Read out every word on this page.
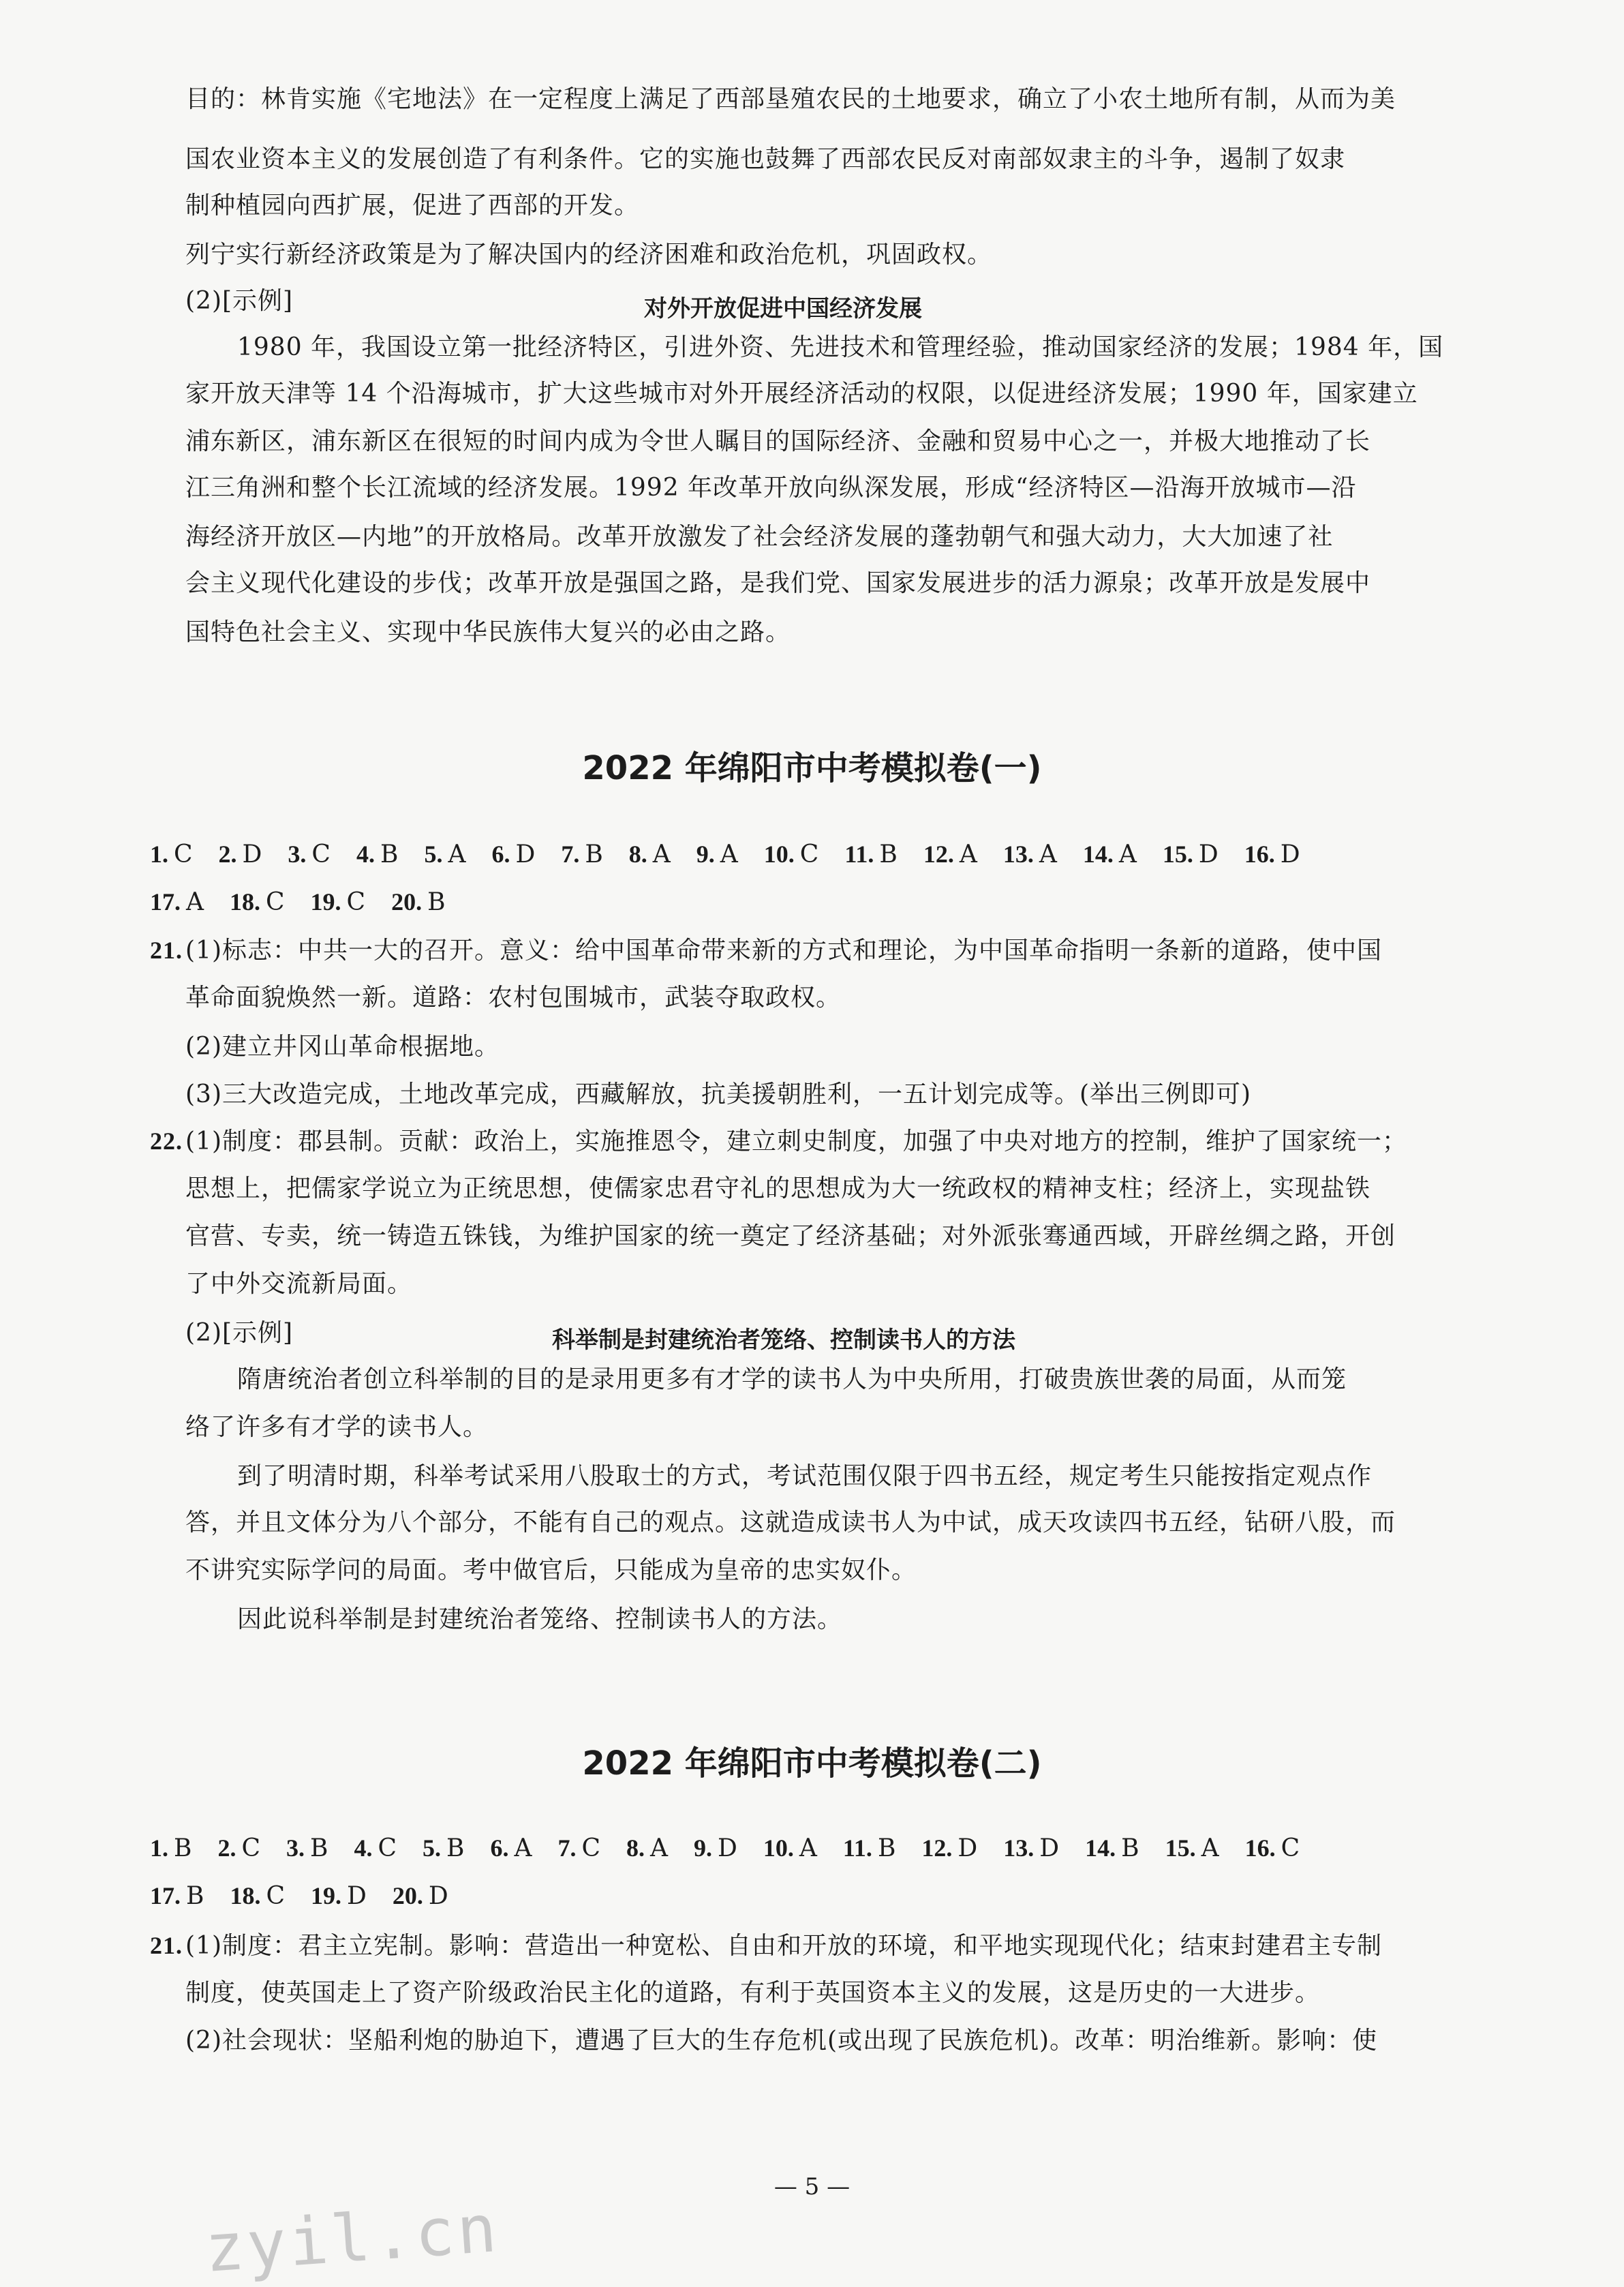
目的：林肯实施《宅地法》在一定程度上满足了西部垦殖农民的土地要求，确立了小农土地所有制，从而为美
国农业资本主义的发展创造了有利条件。它的实施也鼓舞了西部农民反对南部奴隶主的斗争，遏制了奴隶
制种植园向西扩展，促进了西部的开发。
列宁实行新经济政策是为了解决国内的经济困难和政治危机，巩固政权。
(2)[示例]	对外开放促进中国经济发展
1980 年，我国设立第一批经济特区，引进外资、先进技术和管理经验，推动国家经济的发展；1984 年，国
家开放天津等 14 个沿海城市，扩大这些城市对外开展经济活动的权限，以促进经济发展；1990 年，国家建立
浦东新区，浦东新区在很短的时间内成为令世人瞩目的国际经济、金融和贸易中心之一，并极大地推动了长
江三角洲和整个长江流域的经济发展。1992 年改革开放向纵深发展，形成“经济特区—沿海开放城市—沿
海经济开放区—内地”的开放格局。改革开放激发了社会经济发展的蓬勃朝气和强大动力，大大加速了社
会主义现代化建设的步伐；改革开放是强国之路，是我们党、国家发展进步的活力源泉；改革开放是发展中
国特色社会主义、实现中华民族伟大复兴的必由之路。
2022 年绵阳市中考模拟卷(一)
1. C 2. D 3. C 4. B 5. A 6. D 7. B 8. A 9. A 10. C 11. B 12. A 13. A 14. A 15. D 16. D
17. A 18. C 19. C 20. B
21. (1)标志：中共一大的召开。意义：给中国革命带来新的方式和理论，为中国革命指明一条新的道路，使中国
革命面貌焕然一新。道路：农村包围城市，武装夺取政权。
(2)建立井冈山革命根据地。
(3)三大改造完成，土地改革完成，西藏解放，抗美援朝胜利，一五计划完成等。(举出三例即可)
22. (1)制度：郡县制。贡献：政治上，实施推恩令，建立刺史制度，加强了中央对地方的控制，维护了国家统一；
思想上，把儒家学说立为正统思想，使儒家忠君守礼的思想成为大一统政权的精神支柱；经济上，实现盐铁
官营、专卖，统一铸造五铢钱，为维护国家的统一奠定了经济基础；对外派张骞通西域，开辟丝绸之路，开创
了中外交流新局面。
(2)[示例]	科举制是封建统治者笼络、控制读书人的方法
隋唐统治者创立科举制的目的是录用更多有才学的读书人为中央所用，打破贵族世袭的局面，从而笼
络了许多有才学的读书人。
到了明清时期，科举考试采用八股取士的方式，考试范围仅限于四书五经，规定考生只能按指定观点作
答，并且文体分为八个部分，不能有自己的观点。这就造成读书人为中试，成天攻读四书五经，钻研八股，而
不讲究实际学问的局面。考中做官后，只能成为皇帝的忠实奴仆。
因此说科举制是封建统治者笼络、控制读书人的方法。
2022 年绵阳市中考模拟卷(二)
1. B 2. C 3. B 4. C 5. B 6. A 7. C 8. A 9. D 10. A 11. B 12. D 13. D 14. B 15. A 16. C
17. B 18. C 19. D 20. D
21. (1)制度：君主立宪制。影响：营造出一种宽松、自由和开放的环境，和平地实现现代化；结束封建君主专制
制度，使英国走上了资产阶级政治民主化的道路，有利于英国资本主义的发展，这是历史的一大进步。
(2)社会现状：坚船利炮的胁迫下，遭遇了巨大的生存危机(或出现了民族危机)。改革：明治维新。影响：使
— 5 —
zyil.cn
